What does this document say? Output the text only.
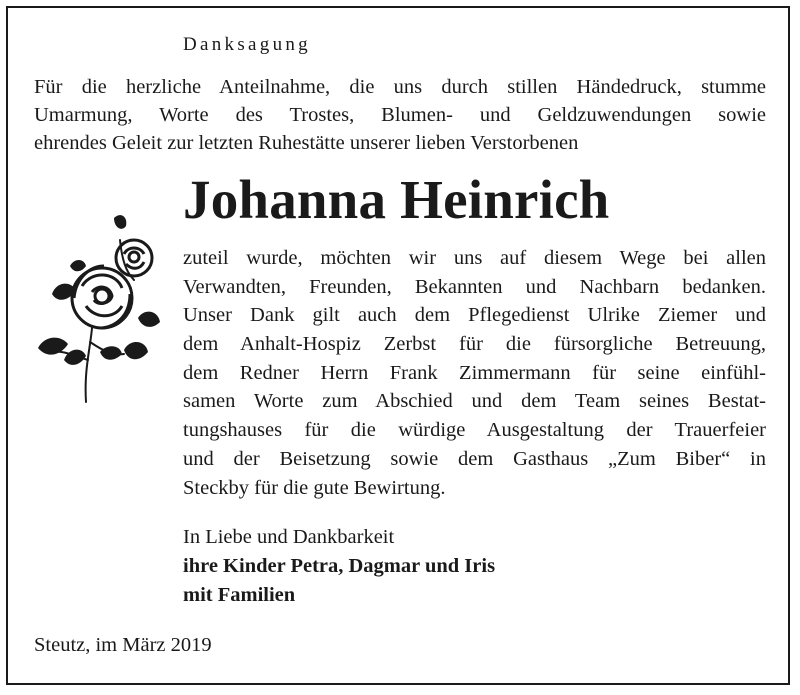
Danksagung
Für die herzliche Anteilnahme, die uns durch stillen Händedruck, stumme
Umarmung, Worte des Trostes, Blumen- und Geldzuwendungen sowie
ehrendes Geleit zur letzten Ruhestätte unserer lieben Verstorbenen
Johanna Heinrich
zuteil wurde, möchten wir uns auf diesem Wege bei allen
Verwandten, Freunden, Bekannten und Nachbarn bedanken.
Unser Dank gilt auch dem Pflegedienst Ulrike Ziemer und
dem Anhalt-Hospiz Zerbst für die fürsorgliche Betreuung,
dem Redner Herrn Frank Zimmermann für seine einfühl-
samen Worte zum Abschied und dem Team seines Bestat-
tungshauses für die würdige Ausgestaltung der Trauerfeier
und der Beisetzung sowie dem Gasthaus „Zum Biber“ in
Steckby für die gute Bewirtung.
In Liebe und Dankbarkeit
ihre Kinder Petra, Dagmar und Iris
mit Familien
Steutz, im März 2019
